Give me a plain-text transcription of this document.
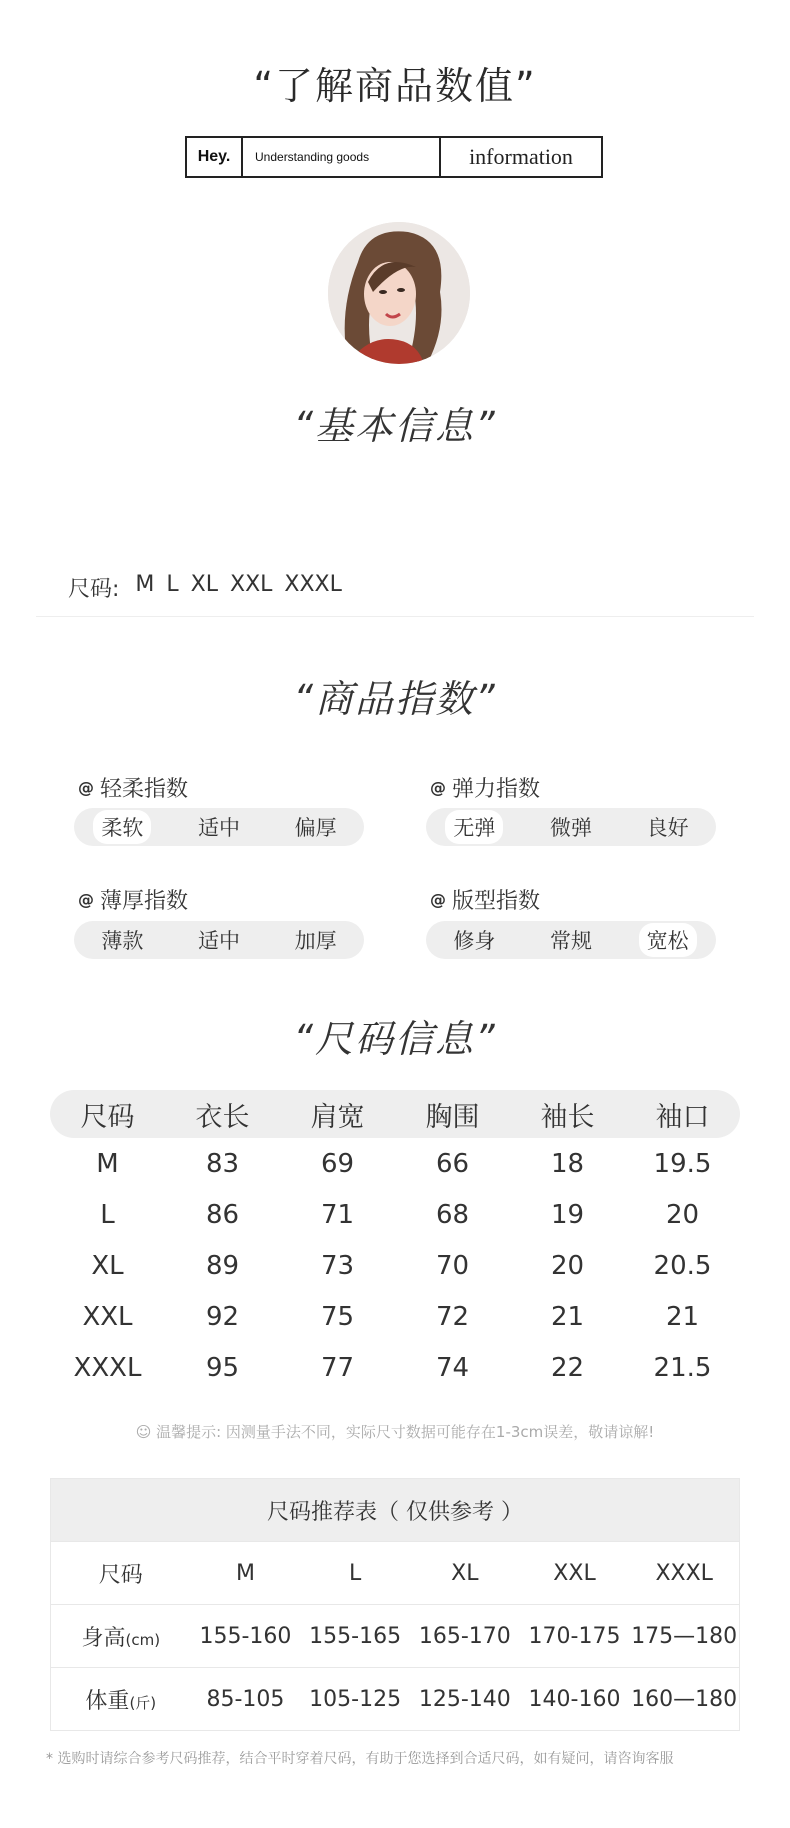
“了解商品数值”
Hey.	Understanding goods	information
“基本信息”
尺码: M L XL XXL XXXL
“商品指数”
@ 轻柔指数
柔软	适中	偏厚
@ 弹力指数
无弹	微弹	良好
@ 薄厚指数
薄款	适中	加厚
@ 版型指数
修身	常规	宽松
“尺码信息”
尺码	衣长	肩宽	胸围	袖长	袖口
M	83	69	66	18	19.5
L	86	71	68	19	20
XL	89	73	70	20	20.5
XXL	92	75	72	21	21
XXXL	95	77	74	22	21.5
☺ 温馨提示: 因测量手法不同，实际尺寸数据可能存在1-3cm误差，敬请谅解!
尺码推荐表（ 仅供参考 ）
尺码	M	L	XL	XXL	XXXL
身高(cm)	155-160 155-165 165-170 170-175 175—180
体重(斤)	85-105	105-125 125-140 140-160 160—180
* 选购时请综合参考尺码推荐，结合平时穿着尺码，有助于您选择到合适尺码，如有疑问，请咨询客服
